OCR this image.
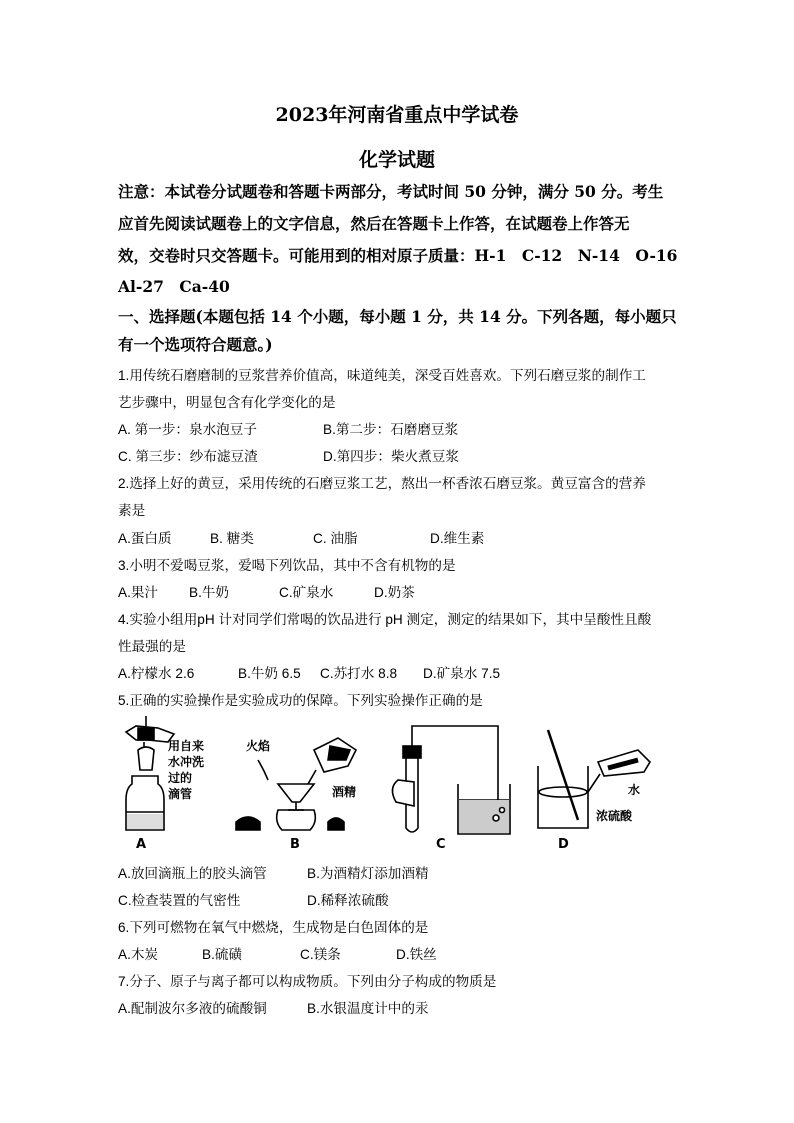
2023年河南省重点中学试卷
化学试题
注意：本试卷分试题卷和答题卡两部分，考试时间 50 分钟，满分 50 分。考生
应首先阅读试题卷上的文字信息，然后在答题卡上作答，在试题卷上作答无
效，交卷时只交答题卡。可能用到的相对原子质量：H-1　C-12　N-14　O-16
Al-27　Ca-40
一、选择题(本题包括 14 个小题，每小题 1 分，共 14 分。下列各题，每小题只
有一个选项符合题意。)
1.用传统石磨磨制的豆浆营养价值高，味道纯美，深受百姓喜欢。下列石磨豆浆的制作工
艺步骤中，明显包含有化学变化的是
A. 第一步：泉水泡豆子	B.第二步：石磨磨豆浆
C. 第三步：纱布滤豆渣	D.第四步：柴火煮豆浆
2.选择上好的黄豆，采用传统的石磨豆浆工艺，熬出一杯香浓石磨豆浆。黄豆富含的营养
素是
A.蛋白质	B. 糖类	C. 油脂	D.维生素
3.小明不爱喝豆浆，爱喝下列饮品，其中不含有机物的是
A.果汁 B.牛奶	C.矿泉水	D.奶茶
4.实验小组用pH 计对同学们常喝的饮品进行 pH 测定，测定的结果如下，其中呈酸性且酸
性最强的是
A.柠檬水 2.6	B.牛奶 6.5 C.苏打水 8.8 D.矿泉水 7.5
5.正确的实验操作是实验成功的保障。下列实验操作正确的是
用自来
水冲洗
过的
滴管
A
火焰
酒精
B	C
水
浓硫酸
D
A.放回滴瓶上的胶头滴管	B.为酒精灯添加酒精
C.检查装置的气密性	D.稀释浓硫酸
6.下列可燃物在氧气中燃烧，生成物是白色固体的是
A.木炭	B.硫磺	C.镁条	D.铁丝
7.分子、原子与离子都可以构成物质。下列由分子构成的物质是
A.配制波尔多液的硫酸铜	B.水银温度计中的汞
